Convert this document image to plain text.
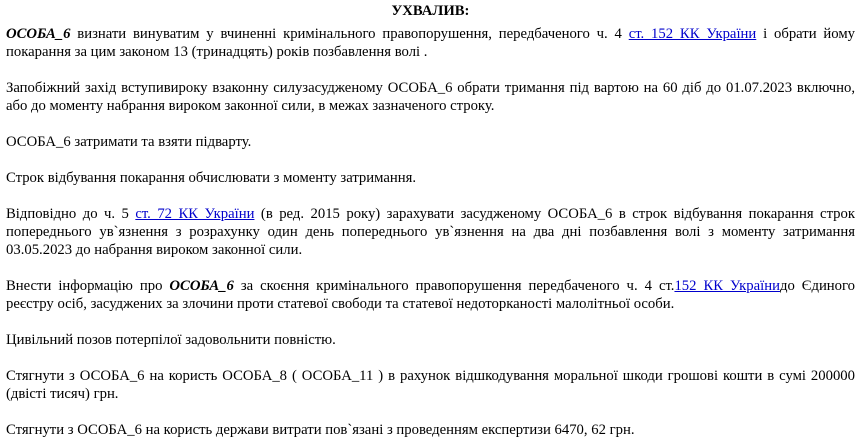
УХВАЛИВ:

ОСОБА_6 визнати винуватим у вчиненні кримінального правопорушення, передбаченого ч. 4 ст. 152 КК України і обрати йому покарання за цим законом 13 (тринадцять) років позбавлення волі .

Запобіжний захід вступивироку взаконну силузасудженому ОСОБА_6 обрати тримання під вартою на 60 діб до 01.07.2023 включно, або до моменту набрання вироком законної сили, в межах зазначеного строку.

ОСОБА_6 затримати та взяти підварту.

Строк відбування покарання обчислювати з моменту затримання.

Відповідно до ч. 5 ст. 72 КК України (в ред. 2015 року) зарахувати засудженому ОСОБА_6 в строк відбування покарання строк попереднього ув`язнення з розрахунку один день попереднього ув`язнення на два дні позбавлення волі з моменту затримання 03.05.2023 до набрання вироком законної сили.

Внести інформацію про ОСОБА_6 за скоєння кримінального правопорушення передбаченого ч. 4 ст.152 КК Українидо Єдиного реєстру осіб, засуджених за злочини проти статевої свободи та статевої недоторканості малолітньої особи.

Цивільний позов потерпілої задовольнити повністю.

Стягнути з ОСОБА_6 на користь ОСОБА_8 ( ОСОБА_11 ) в рахунок відшкодування моральної шкоди грошові кошти в сумі 200000 (двісті тисяч) грн.

Стягнути з ОСОБА_6 на користь держави витрати пов`язані з проведенням експертизи 6470, 62 грн.
